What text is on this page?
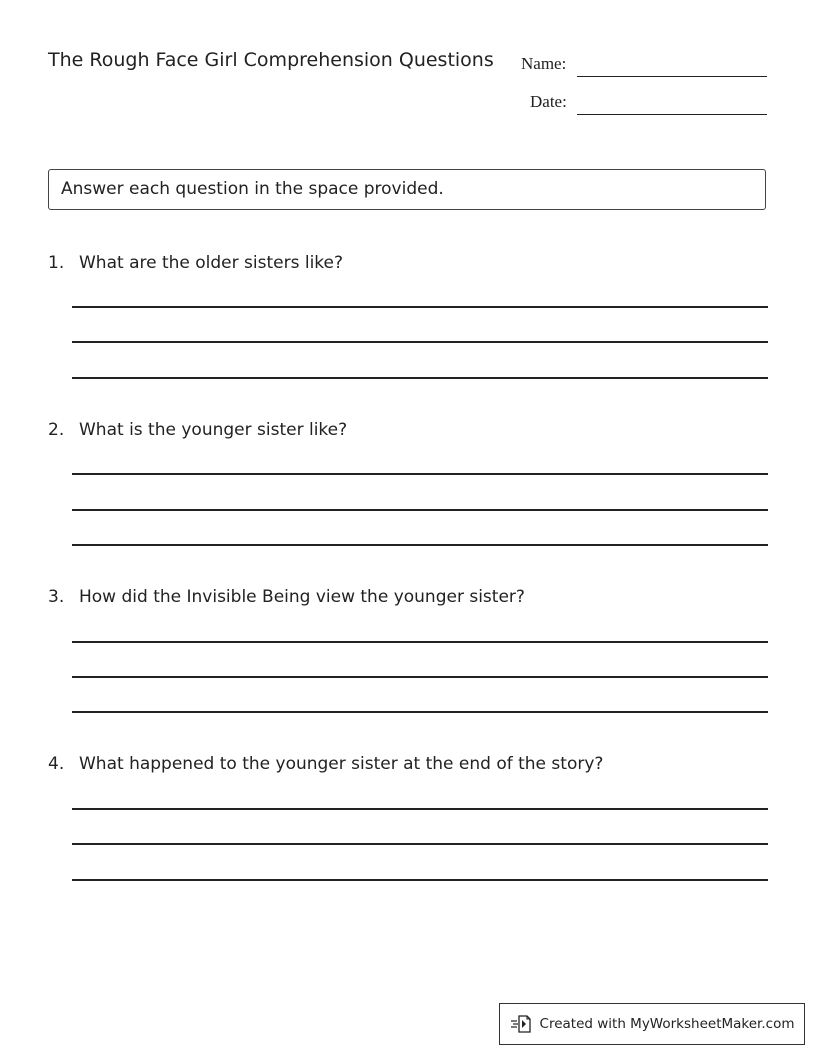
The Rough Face Girl Comprehension Questions Name:
Date:
Answer each question in the space provided.
1. What are the older sisters like?
2. What is the younger sister like?
3. How did the Invisible Being view the younger sister?
4. What happened to the younger sister at the end of the story?
Created with MyWorksheetMaker.com
